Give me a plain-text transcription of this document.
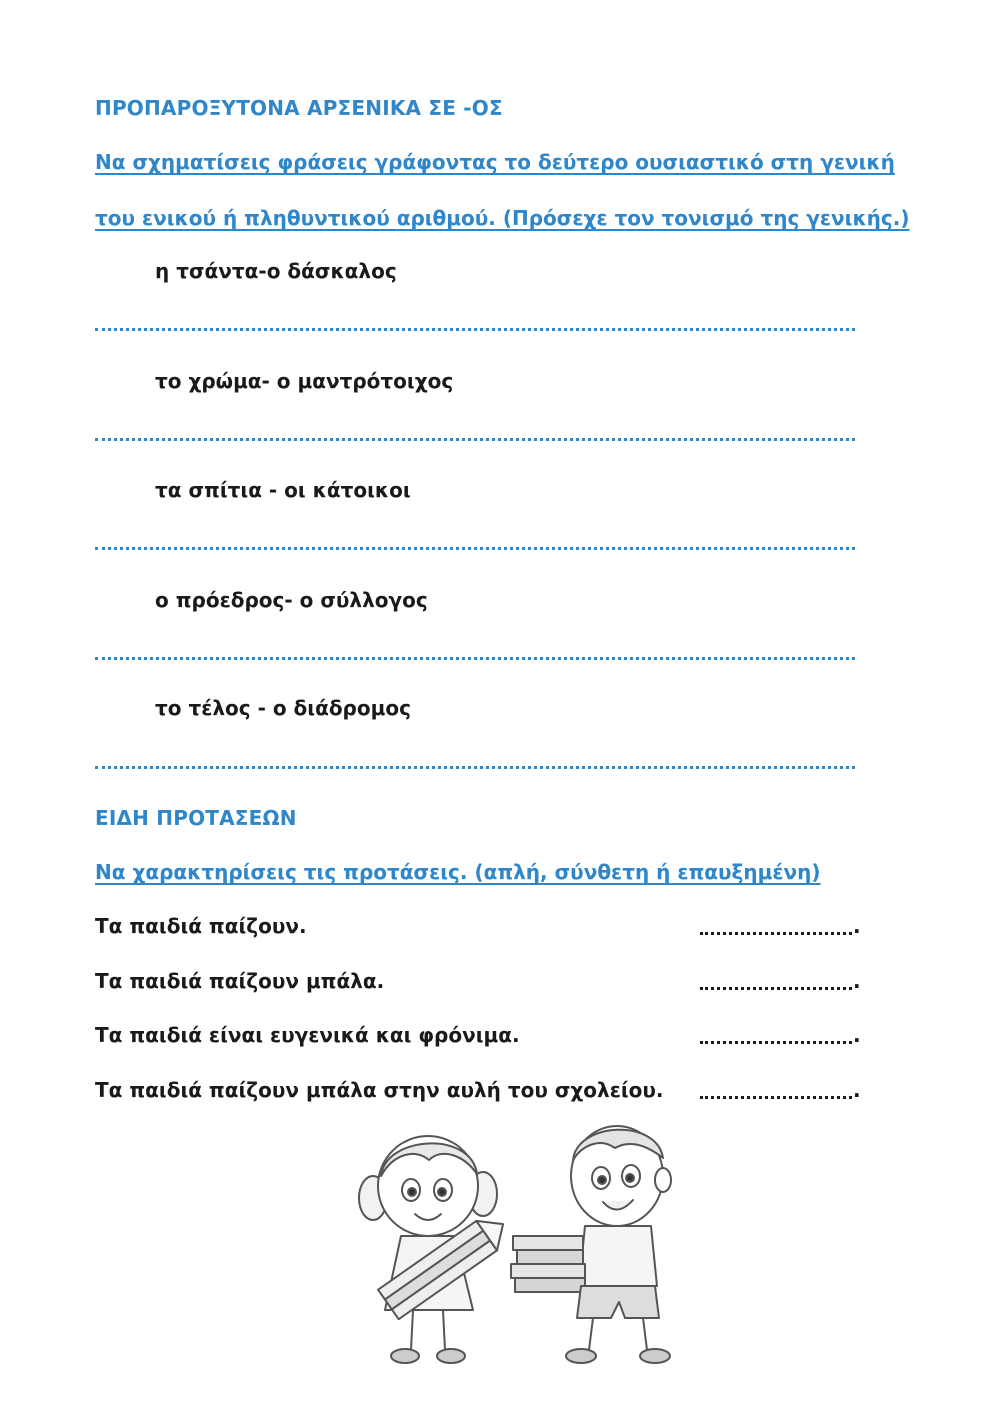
ΠΡΟΠΑΡΟΞΥΤΟΝΑ ΑΡΣΕΝΙΚΑ ΣΕ -ΟΣ
Να σχηματίσεις φράσεις γράφοντας το δεύτερο ουσιαστικό στη γενική
του ενικού ή πληθυντικού αριθμού. (Πρόσεχε τον τονισμό της γενικής.)
η τσάντα-ο δάσκαλος
το χρώμα- ο μαντρότοιχος
τα σπίτια - οι κάτοικοι
ο πρόεδρος- ο σύλλογος
το τέλος - ο διάδρομος
ΕΙΔΗ ΠΡΟΤΑΣΕΩΝ
Να χαρακτηρίσεις τις προτάσεις. (απλή, σύνθετη ή επαυξημένη)
Τα παιδιά παίζουν.	.
Τα παιδιά παίζουν μπάλα.	.
Τα παιδιά είναι ευγενικά και φρόνιμα.	.
Τα παιδιά παίζουν μπάλα στην αυλή του σχολείου.	.
